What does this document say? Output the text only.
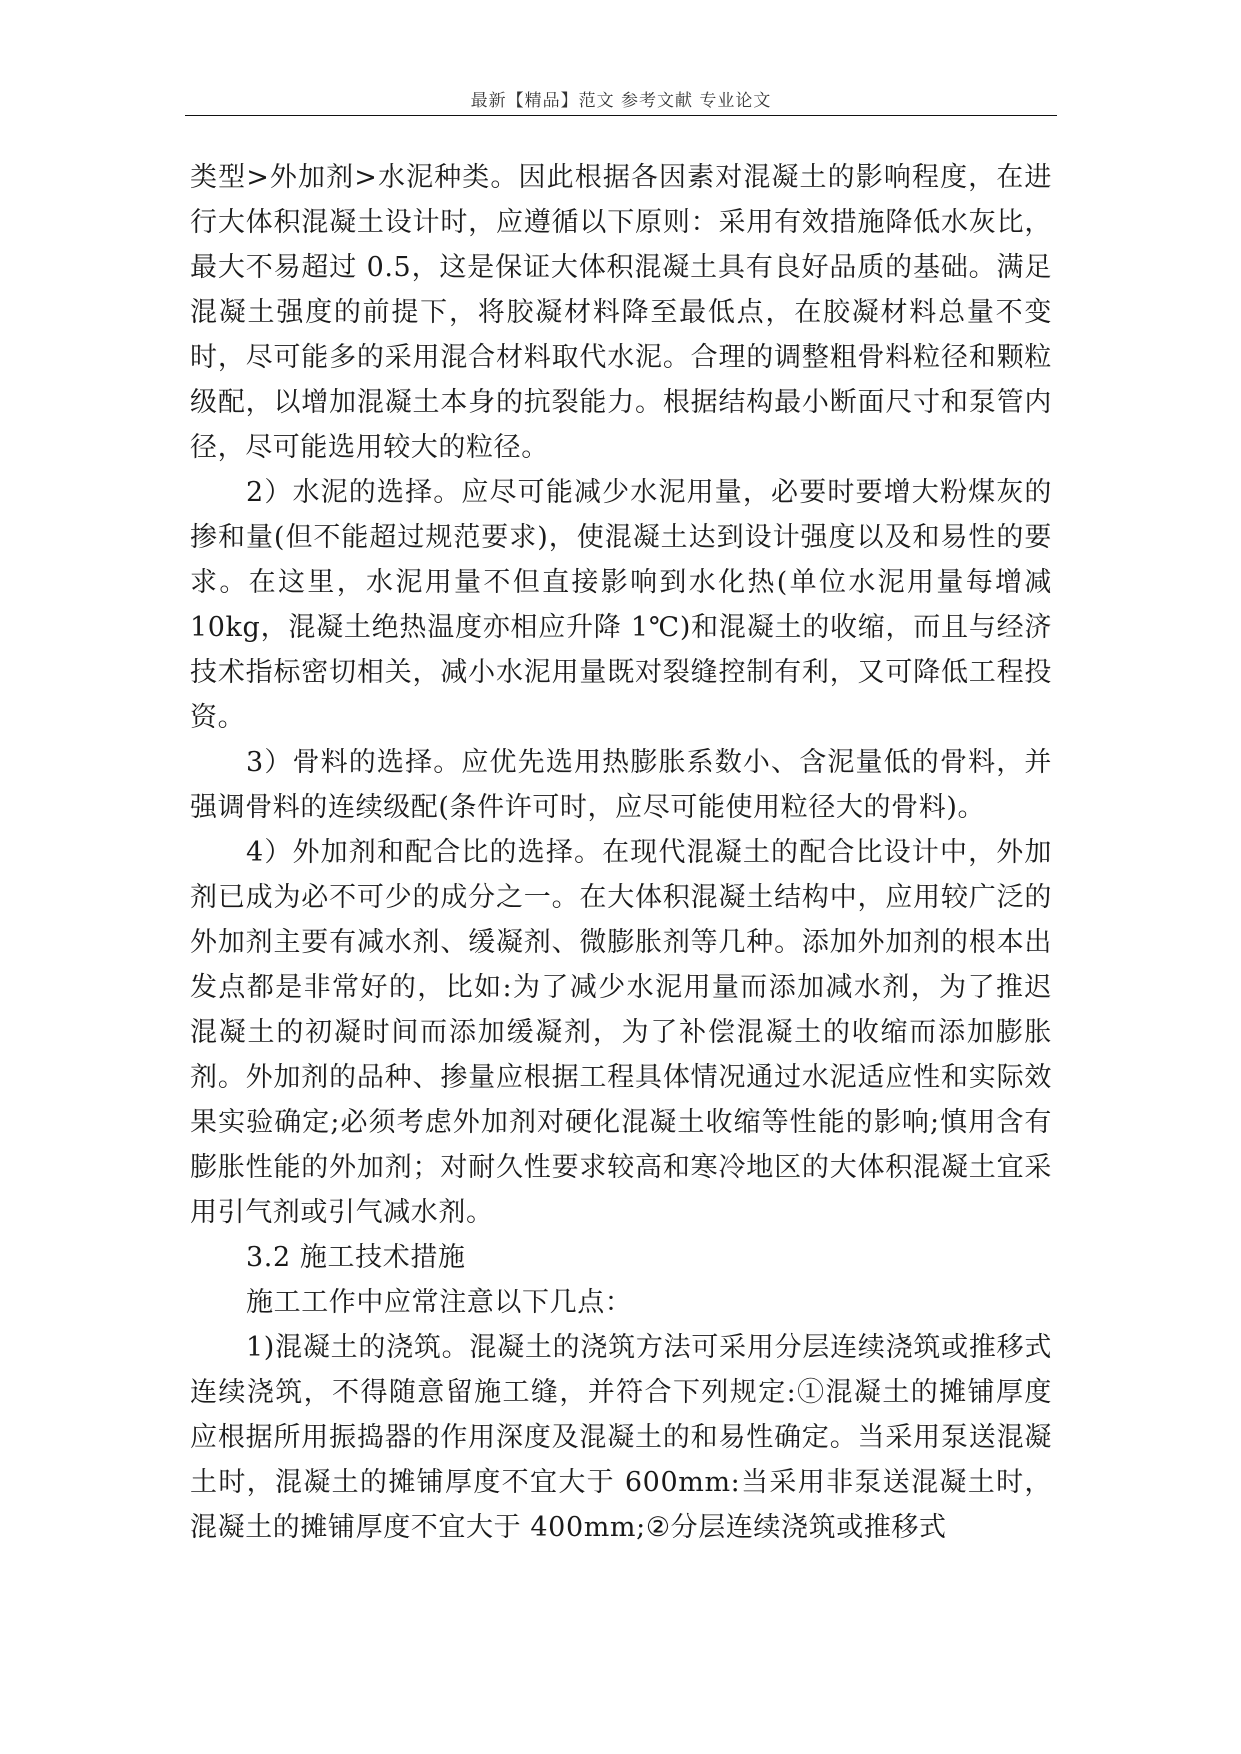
最新【精品】范文 参考文献 专业论文

类型>外加剂>水泥种类。因此根据各因素对混凝土的影响程度，在进行大体积混凝土设计时，应遵循以下原则：采用有效措施降低水灰比，最大不易超过 0.5，这是保证大体积混凝土具有良好品质的基础。满足混凝土强度的前提下，将胶凝材料降至最低点，在胶凝材料总量不变时，尽可能多的采用混合材料取代水泥。合理的调整粗骨料粒径和颗粒级配，以增加混凝土本身的抗裂能力。根据结构最小断面尺寸和泵管内径，尽可能选用较大的粒径。

2）水泥的选择。应尽可能减少水泥用量，必要时要增大粉煤灰的掺和量(但不能超过规范要求)，使混凝土达到设计强度以及和易性的要求。在这里，水泥用量不但直接影响到水化热(单位水泥用量每增减 10kg，混凝土绝热温度亦相应升降 1℃)和混凝土的收缩，而且与经济技术指标密切相关，减小水泥用量既对裂缝控制有利，又可降低工程投资。

3）骨料的选择。应优先选用热膨胀系数小、含泥量低的骨料，并强调骨料的连续级配(条件许可时，应尽可能使用粒径大的骨料)。

4）外加剂和配合比的选择。在现代混凝土的配合比设计中，外加剂已成为必不可少的成分之一。在大体积混凝土结构中，应用较广泛的外加剂主要有减水剂、缓凝剂、微膨胀剂等几种。添加外加剂的根本出发点都是非常好的，比如:为了减少水泥用量而添加减水剂，为了推迟混凝土的初凝时间而添加缓凝剂，为了补偿混凝土的收缩而添加膨胀剂。外加剂的品种、掺量应根据工程具体情况通过水泥适应性和实际效果实验确定;必须考虑外加剂对硬化混凝土收缩等性能的影响;慎用含有膨胀性能的外加剂；对耐久性要求较高和寒冷地区的大体积混凝土宜采用引气剂或引气减水剂。

3.2 施工技术措施

施工工作中应常注意以下几点：

1)混凝土的浇筑。混凝土的浇筑方法可采用分层连续浇筑或推移式连续浇筑，不得随意留施工缝，并符合下列规定:①混凝土的摊铺厚度应根据所用振捣器的作用深度及混凝土的和易性确定。当采用泵送混凝土时，混凝土的摊铺厚度不宜大于 600mm:当采用非泵送混凝土时，混凝土的摊铺厚度不宜大于 400mm;②分层连续浇筑或推移式
